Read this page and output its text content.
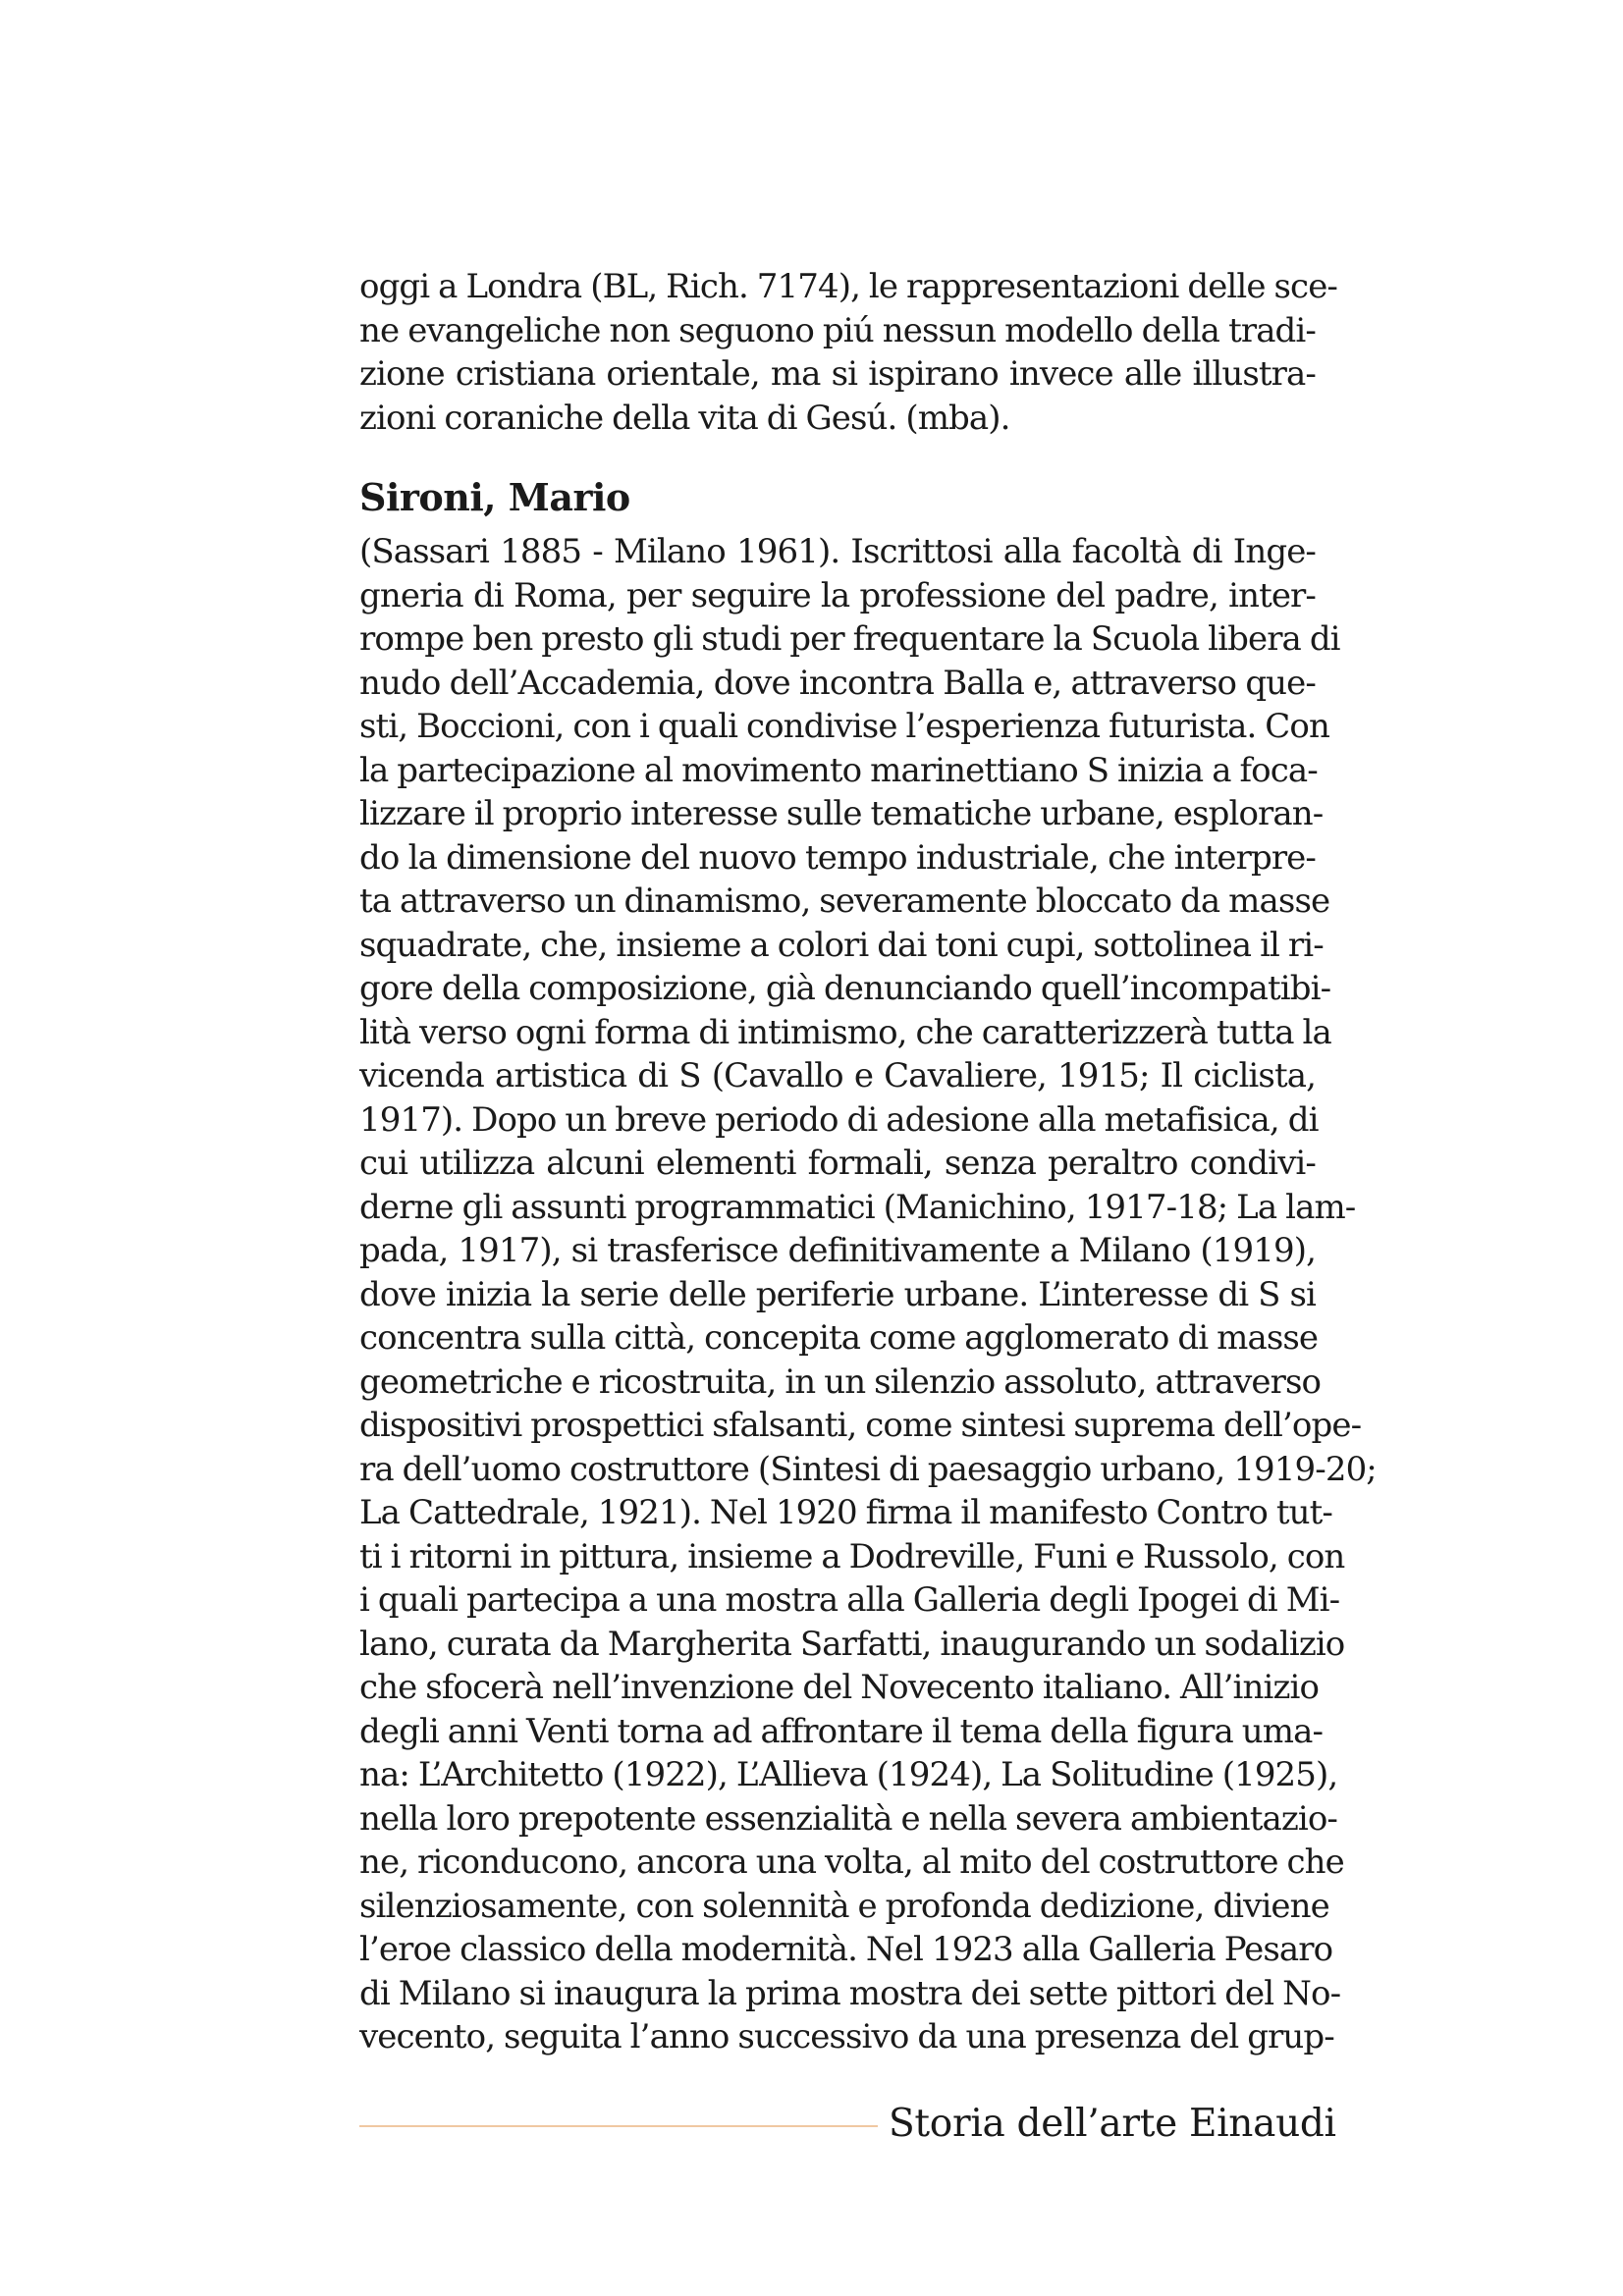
oggi a Londra (BL, Rich. 7174), le rappresentazioni delle sce-
ne evangeliche non seguono piú nessun modello della tradi-
zione cristiana orientale, ma si ispirano invece alle illustra-
zioni coraniche della vita di Gesú. (mba).
Sironi, Mario
(Sassari 1885 - Milano 1961). Iscrittosi alla facoltà di Inge-
gneria di Roma, per seguire la professione del padre, inter-
rompe ben presto gli studi per frequentare la Scuola libera di
nudo dell’Accademia, dove incontra Balla e, attraverso que-
sti, Boccioni, con i quali condivise l’esperienza futurista. Con
la partecipazione al movimento marinettiano S inizia a foca-
lizzare il proprio interesse sulle tematiche urbane, esploran-
do la dimensione del nuovo tempo industriale, che interpre-
ta attraverso un dinamismo, severamente bloccato da masse
squadrate, che, insieme a colori dai toni cupi, sottolinea il ri-
gore della composizione, già denunciando quell’incompatibi-
lità verso ogni forma di intimismo, che caratterizzerà tutta la
vicenda artistica di S (Cavallo e Cavaliere, 1915; Il ciclista,
1917). Dopo un breve periodo di adesione alla metafisica, di
cui utilizza alcuni elementi formali, senza peraltro condivi-
derne gli assunti programmatici (Manichino, 1917-18; La lam-
pada, 1917), si trasferisce definitivamente a Milano (1919),
dove inizia la serie delle periferie urbane. L’interesse di S si
concentra sulla città, concepita come agglomerato di masse
geometriche e ricostruita, in un silenzio assoluto, attraverso
dispositivi prospettici sfalsanti, come sintesi suprema dell’ope-
ra dell’uomo costruttore (Sintesi di paesaggio urbano, 1919-20;
La Cattedrale, 1921). Nel 1920 firma il manifesto Contro tut-
ti i ritorni in pittura, insieme a Dodreville, Funi e Russolo, con
i quali partecipa a una mostra alla Galleria degli Ipogei di Mi-
lano, curata da Margherita Sarfatti, inaugurando un sodalizio
che sfocerà nell’invenzione del Novecento italiano. All’inizio
degli anni Venti torna ad affrontare il tema della figura uma-
na: L’Architetto (1922), L’Allieva (1924), La Solitudine (1925),
nella loro prepotente essenzialità e nella severa ambientazio-
ne, riconducono, ancora una volta, al mito del costruttore che
silenziosamente, con solennità e profonda dedizione, diviene
l’eroe classico della modernità. Nel 1923 alla Galleria Pesaro
di Milano si inaugura la prima mostra dei sette pittori del No-
vecento, seguita l’anno successivo da una presenza del grup-
Storia dell’arte Einaudi
